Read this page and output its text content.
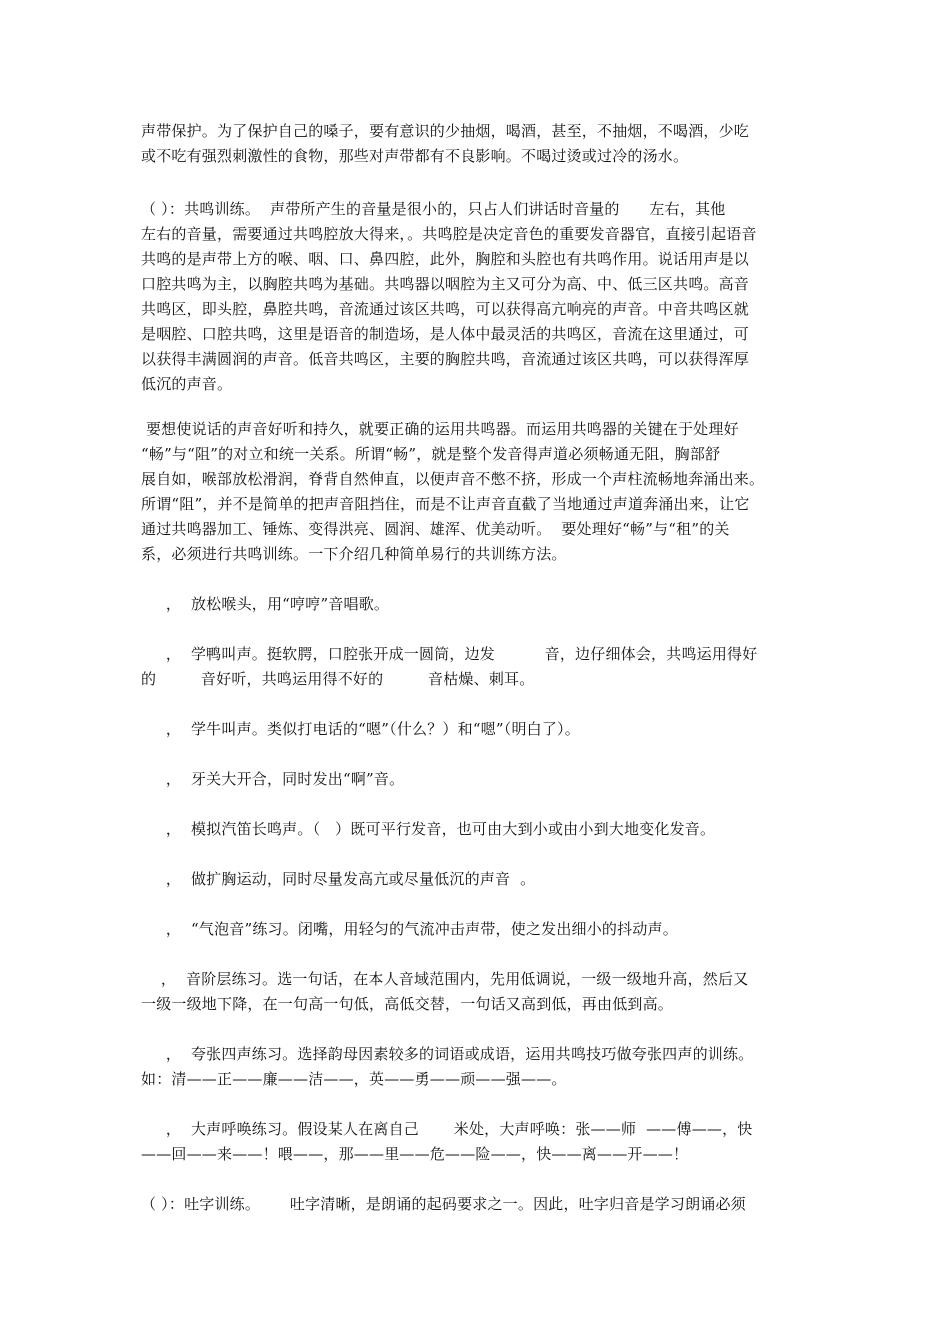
声带保护。为了保护自己的嗓子，要有意识的少抽烟，喝酒，甚至，不抽烟，不喝酒，少吃
或不吃有强烈刺激性的食物，那些对声带都有不良影响。不喝过烫或过冷的汤水。
（ ）：共鸣训练。  声带所产生的音量是很小的，只占人们讲话时音量的      左右，其他
左右的音量，需要通过共鸣腔放大得来，。共鸣腔是决定音色的重要发音器官，直接引起语音
共鸣的是声带上方的喉、咽、口、鼻四腔，此外，胸腔和头腔也有共鸣作用。说话用声是以
口腔共鸣为主，以胸腔共鸣为基础。共鸣器以咽腔为主又可分为高、中、低三区共鸣。高音
共鸣区，即头腔，鼻腔共鸣，音流通过该区共鸣，可以获得高亢响亮的声音。中音共鸣区就
是咽腔、口腔共鸣，这里是语音的制造场，是人体中最灵活的共鸣区，音流在这里通过，可
以获得丰满圆润的声音。低音共鸣区，主要的胸腔共鸣，音流通过该区共鸣，可以获得浑厚
低沉的声音。
要想使说话的声音好听和持久，就要正确的运用共鸣器。而运用共鸣器的关键在于处理好
“畅”与“阻”的对立和统一关系。所谓“畅”，就是整个发音得声道必须畅通无阻，胸部舒
展自如，喉部放松滑润，脊背自然伸直，以便声音不憋不挤，形成一个声柱流畅地奔涌出来。
所谓“阻”，并不是简单的把声音阻挡住，而是不让声音直截了当地通过声道奔涌出来，让它
通过共鸣器加工、锤炼、变得洪亮、圆润、雄浑、优美动听。  要处理好“畅”与“租”的关
系，必须进行共鸣训练。一下介绍几种简单易行的共训练方法。
，  放松喉头，用“哼哼”音唱歌。
，  学鸭叫声。挺软腭，口腔张开成一圆筒，边发          音，边仔细体会，共鸣运用得好
的         音好听，共鸣运用得不好的         音枯燥、刺耳。
，  学牛叫声。类似打电话的“嗯”（什么？）和“嗯”（明白了）。
，  牙关大开合，同时发出“啊”音。
，  模拟汽笛长鸣声。（   ）既可平行发音，也可由大到小或由小到大地变化发音。
，  做扩胸运动，同时尽量发高亢或尽量低沉的声音  。
，  “气泡音”练习。闭嘴，用轻匀的气流冲击声带，使之发出细小的抖动声。
，  音阶层练习。选一句话，在本人音域范围内，先用低调说，一级一级地升高，然后又
一级一级地下降，在一句高一句低，高低交替，一句话又高到低，再由低到高。
，  夸张四声练习。选择韵母因素较多的词语或成语，运用共鸣技巧做夸张四声的训练。
如：清——正——廉——洁——，英——勇——顽——强——。
，  大声呼唤练习。假设某人在离自己       米处，大声呼唤：张——师  ——傅——，快
——回——来——！喂——，那——里——危——险——，快——离——开——！
（ ）：吐字训练。      吐字清晰，是朗诵的起码要求之一。因此，吐字归音是学习朗诵必须
